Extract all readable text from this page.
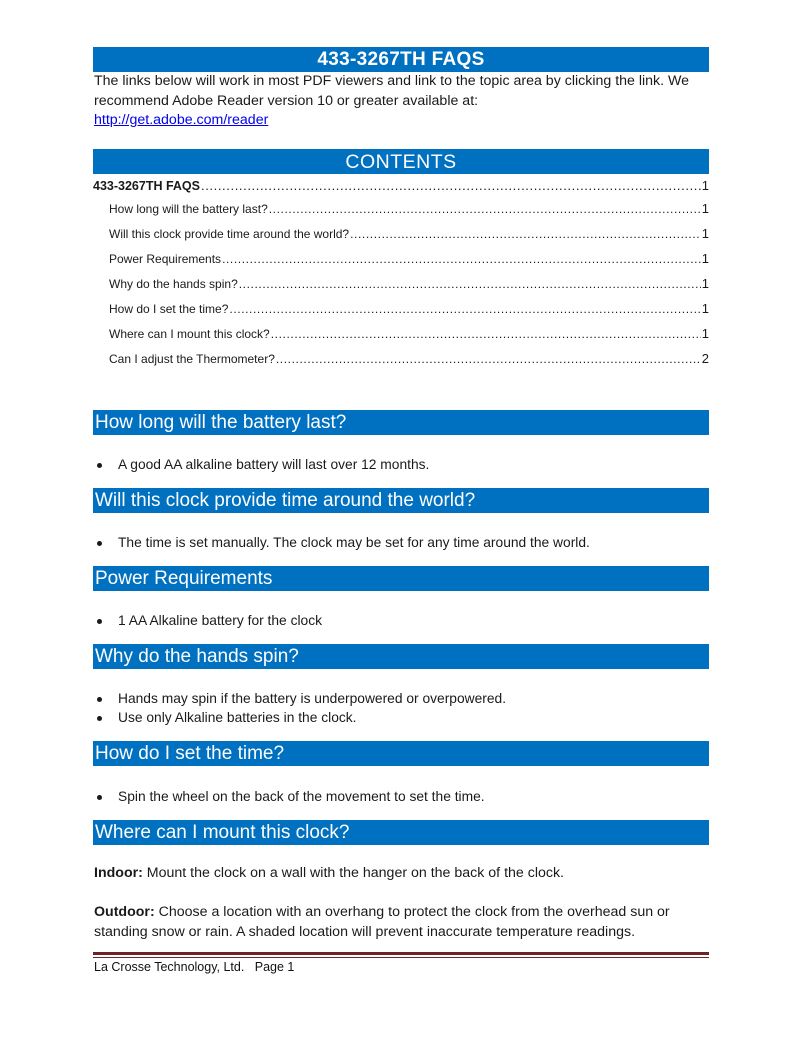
433-3267TH FAQS
The links below will work in most PDF viewers and link to the topic area by clicking the link. We recommend Adobe Reader version 10 or greater available at:
http://get.adobe.com/reader
CONTENTS
433-3267TH FAQS .....	1
How long will the battery last? .....	1
Will this clock provide time around the world? .....	1
Power Requirements .....	1
Why do the hands spin? .....	1
How do I set the time? .....	1
Where can I mount this clock? .....	1
Can I adjust the Thermometer? .....	2
How long will the battery last?
A good AA alkaline battery will last over 12 months.
Will this clock provide time around the world?
The time is set manually. The clock may be set for any time around the world.
Power Requirements
1 AA Alkaline battery for the clock
Why do the hands spin?
Hands may spin if the battery is underpowered or overpowered.
Use only Alkaline batteries in the clock.
How do I set the time?
Spin the wheel on the back of the movement to set the time.
Where can I mount this clock?
Indoor: Mount the clock on a wall with the hanger on the back of the clock.
Outdoor: Choose a location with an overhang to protect the clock from the overhead sun or standing snow or rain. A shaded location will prevent inaccurate temperature readings.
La Crosse Technology, Ltd.   Page 1
